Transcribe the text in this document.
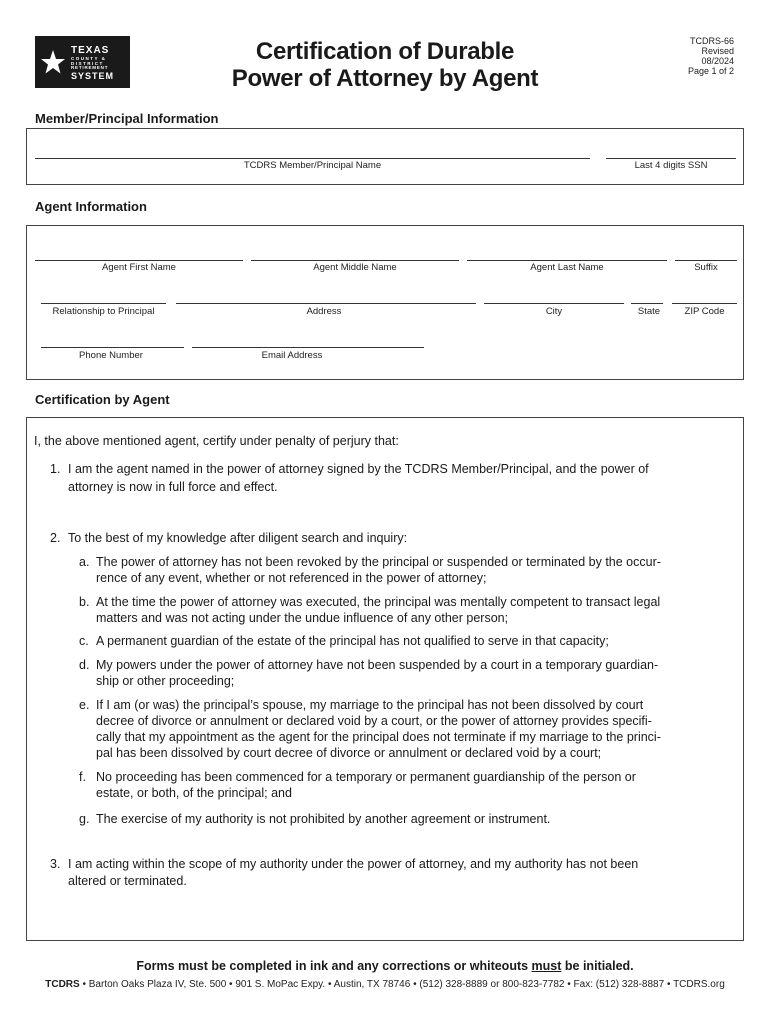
TEXAS
COUNTY &
DISTRICT
RETIREMENT
SYSTEM
Certification of Durable
Power of Attorney by Agent
TCDRS-66
Revised
08/2024
Page 1 of 2
Member/Principal Information
TCDRS Member/Principal Name	Last 4 digits SSN
Agent Information
Agent First Name	Agent Middle Name	Agent Last Name	Suffix
Relationship to Principal	Address	City	State	ZIP Code
Phone Number	Email Address
Certification by Agent
I, the above mentioned agent, certify under penalty of perjury that:
1. I am the agent named in the power of attorney signed by the TCDRS Member/Principal, and the power of
attorney is now in full force and effect.
2. To the best of my knowledge after diligent search and inquiry:
a. The power of attorney has not been revoked by the principal or suspended or terminated by the occur-
rence of any event, whether or not referenced in the power of attorney;
b. At the time the power of attorney was executed, the principal was mentally competent to transact legal
matters and was not acting under the undue influence of any other person;
c. A permanent guardian of the estate of the principal has not qualified to serve in that capacity;
d. My powers under the power of attorney have not been suspended by a court in a temporary guardian-
ship or other proceeding;
e. If I am (or was) the principal’s spouse, my marriage to the principal has not been dissolved by court
decree of divorce or annulment or declared void by a court, or the power of attorney provides specifi-
cally that my appointment as the agent for the principal does not terminate if my marriage to the princi-
pal has been dissolved by court decree of divorce or annulment or declared void by a court;
f. No proceeding has been commenced for a temporary or permanent guardianship of the person or
estate, or both, of the principal; and
g. The exercise of my authority is not prohibited by another agreement or instrument.
3. I am acting within the scope of my authority under the power of attorney, and my authority has not been
altered or terminated.
Forms must be completed in ink and any corrections or whiteouts must be initialed.
TCDRS • Barton Oaks Plaza IV, Ste. 500 • 901 S. MoPac Expy. • Austin, TX 78746 • (512) 328-8889 or 800-823-7782 • Fax: (512) 328-8887 • TCDRS.org
